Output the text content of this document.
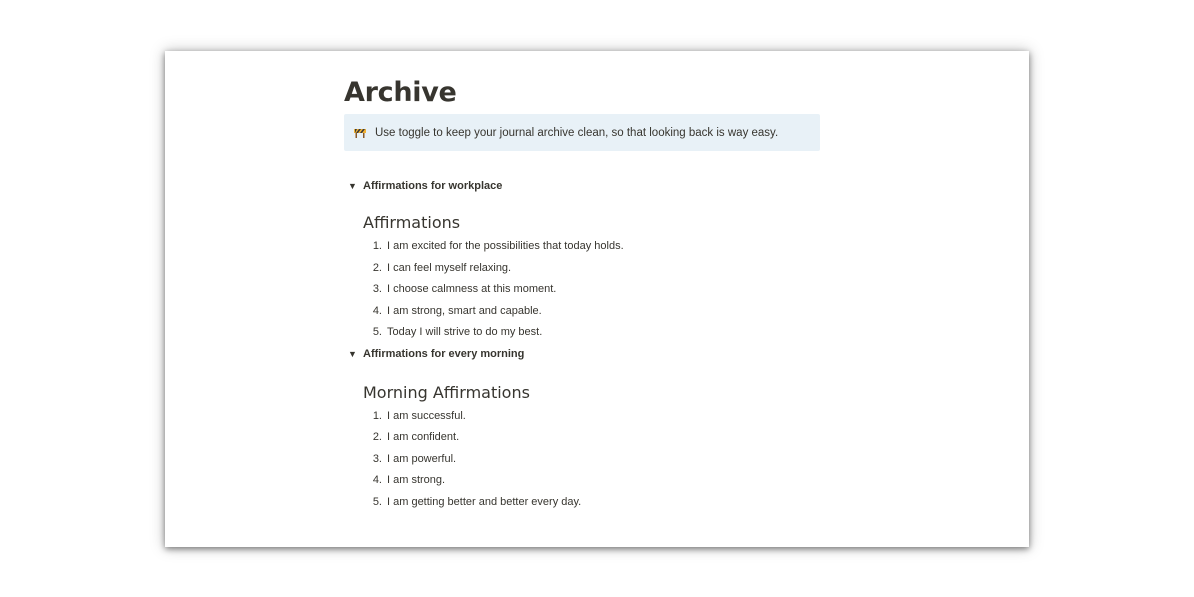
Archive
Use toggle to keep your journal archive clean, so that looking back is way easy.
▼ Affirmations for workplace
Affirmations
1. I am excited for the possibilities that today holds.
2. I can feel myself relaxing.
3. I choose calmness at this moment.
4. I am strong, smart and capable.
5. Today I will strive to do my best.
▼ Affirmations for every morning
Morning Affirmations
1. I am successful.
2. I am confident.
3. I am powerful.
4. I am strong.
5. I am getting better and better every day.
